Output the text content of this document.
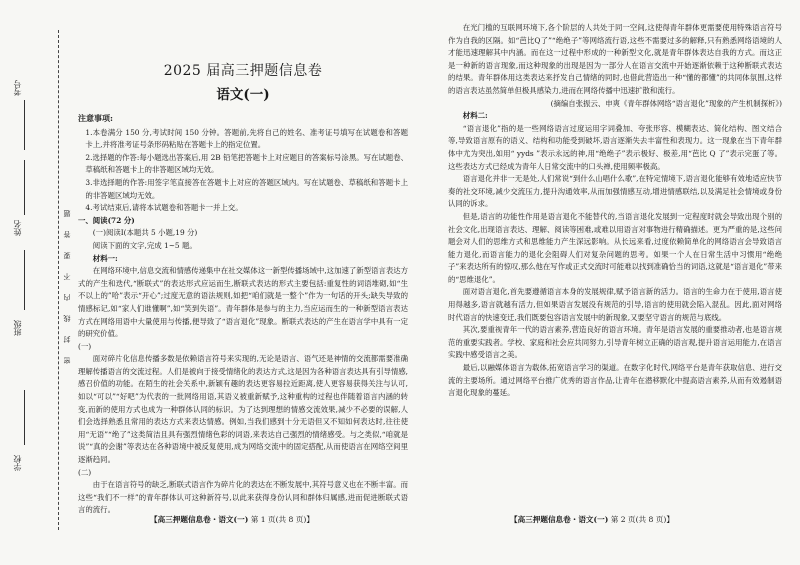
学校
班级
姓名
考号
密封线内不要答题
2025 届高三押题信息卷
语文(一)
注意事项:

1.本卷满分 150 分,考试时间 150 分钟。答题前,先将自己的姓名、准考证号填写在试题卷和答题卡上,并将准考证号条形码粘贴在答题卡上的指定位置。

2.选择题的作答:每小题选出答案后,用 2B 铅笔把答题卡上对应题目的答案标号涂黑。写在试题卷、草稿纸和答题卡上的非答题区域均无效。

3.非选择题的作答:用签字笔直接答在答题卡上对应的答题区域内。写在试题卷、草稿纸和答题卡上的非答题区域均无效。

4.考试结束后,请将本试题卷和答题卡一并上交。

一、阅读(72 分)

(一)阅读Ⅰ(本题共 5 小题,19 分)

阅读下面的文字,完成 1~5 题。

材料一:

在网络环境中,信息交流和情感传递集中在社交媒体这一新型传播场域中,这加速了新型语言表达方式的产生和迭代,“断联式”的表达形式应运而生,断联式表达的形式主要包括:重复性的词语堆砌,如“生不以上的”哈”表示“开心”;过度无意的语法规则,如把“咱们就是一整个”作为一句话的开头;缺失导致的情感标记,如“家人们谁懂啊”,如“笑到失语”。青年群体是参与的主力,当应运而生的一种新型语言表达方式在网络用语中大量使用与传播,便导致了“语言退化”现象。断联式表达的产生在语言学中具有一定的研究价值。

(一)

面对碎片化信息传播多数是依赖语言符号来实现的,无论是语言、语气还是神情的交流都需要准确理解传播语言的交流过程。人们是被向于接受情绪化的表达方式,这是因为各种语言表达具有引导情感,感召价值的功能。在陌生的社会关系中,新颖有趣的表达更容易拉近距离,使人更容易获得关注与认可,如以“可以”“好吧”为代表的一批网络用语,其语义被重新赋予,这种重构的过程也伴随着语言内涵的转变,而新的使用方式也成为一种群体认同的标识。为了达到理想的情感交流效果,减少不必要的误解,人们会选择熟悉且常用的表达方式来表达情感。例如,当我们感到十分无语但又不知如何表达时,往往使用“无语”“绝了”这类简洁且具有强烈情绪色彩的词语,来表达自己强烈的情绪感受。与之类似,“咱就是说”“真的会谢”等表达在各种语境中被反复使用,成为网络交流中的固定搭配,从而使语言在网络空间里逐渐趋同。

(二)

由于在语言符号的缺乏,断联式语言作为碎片化的表达在不断发展中,其符号意义也在不断丰富。而这些“我们不一样”的青年群体认可这种新符号,以此来获得身份认同和群体归属感,进而促进断联式语言的流行。

【高三押题信息卷・语文(一) 第 1 页(共 8 页)】

在光门槛的互联网环境下,各个阶层的人共处于同一空间,这使得青年群体更需要使用特殊语言符号作为自我的区隔。如“芭比Q了”“绝绝子”等网络流行语,这些不需要过多的解释,只有熟悉网络语境的人才能迅速理解其中内涵。而在这一过程中形成的一种新型文化,就是青年群体表达自我的方式。而这正是一种新的语言现象,而这种现象的出现是因为一部分人在语言交流中开始逐渐依赖于这种断联式表达的结果。青年群体用这类表达来抒发自己情绪的同时,也借此营造出一种“懂的都懂”的共同体氛围,这样的语言表达虽然简单但极具感染力,进而在网络传播中迅速扩散和流行。

(摘编自张振云、申爽《青年群体网络“语言退化”现象的产生机制探析》)

材料二:

“语言退化”指的是一些网络语言过度运用字词叠加、夸张形容、模糊表达、简化结构、图文结合等,导致语言原有的语义、结构和功能受到破坏,语言逐渐失去丰富性和表现力。这一现象在当下青年群体中尤为突出,如用“ yyds ”表示永远的神,用“绝绝子”表示极好、极差,用“芭比 Q 了”表示完蛋了等。这些表达方式已经成为青年人日常交流中的口头禅,使用频率极高。

语言退化并非一无是处,人们常说“到什么山唱什么歌”,在特定情境下,语言退化能够有效地适应快节奏的社交环境,减少交流压力,提升沟通效率,从而加强情感互动,增进情感联结,以及满足社会情境或身份认同的诉求。

但是,语言的功能性作用是语言退化不能替代的,当语言退化发展到一定程度时就会导致出现个别的社会文化,出现语言表达、理解、阅读等困难,或难以用语言对事物进行精确描述。更为严重的是,这些问题会对人们的思维方式和思维能力产生深远影响。从长远来看,过度依赖简单化的网络语言会导致语言能力退化,而语言能力的退化会阻碍人们对复杂问题的思考。如果一个人在日常生活中习惯用“绝绝子”来表达所有的惊叹,那么他在写作或正式交流时可能难以找到准确恰当的词语,这就是“语言退化”带来的“思维退化”。

面对语言退化,首先要遵循语言本身的发展规律,赋予语言新的活力。语言的生命力在于使用,语言使用得越多,语言就越有活力,但如果语言发展没有规范的引导,语言的使用就会陷入混乱。因此,面对网络时代语言的快速变迁,我们既要包容语言发展中的新现象,又要坚守语言的规范与底线。

其次,要重视青年一代的语言素养,营造良好的语言环境。青年是语言发展的重要推动者,也是语言规范的重要实践者。学校、家庭和社会应共同努力,引导青年树立正确的语言观,提升语言运用能力,在语言实践中感受语言之美。

最后,以融媒体语言为载体,拓宽语言学习的渠道。在数字化时代,网络平台是青年获取信息、进行交流的主要场所。通过网络平台推广优秀的语言作品,让青年在潜移默化中提高语言素养,从而有效遏制语言退化现象的蔓延。

【高三押题信息卷・语文(一) 第 2 页(共 8 页)】
